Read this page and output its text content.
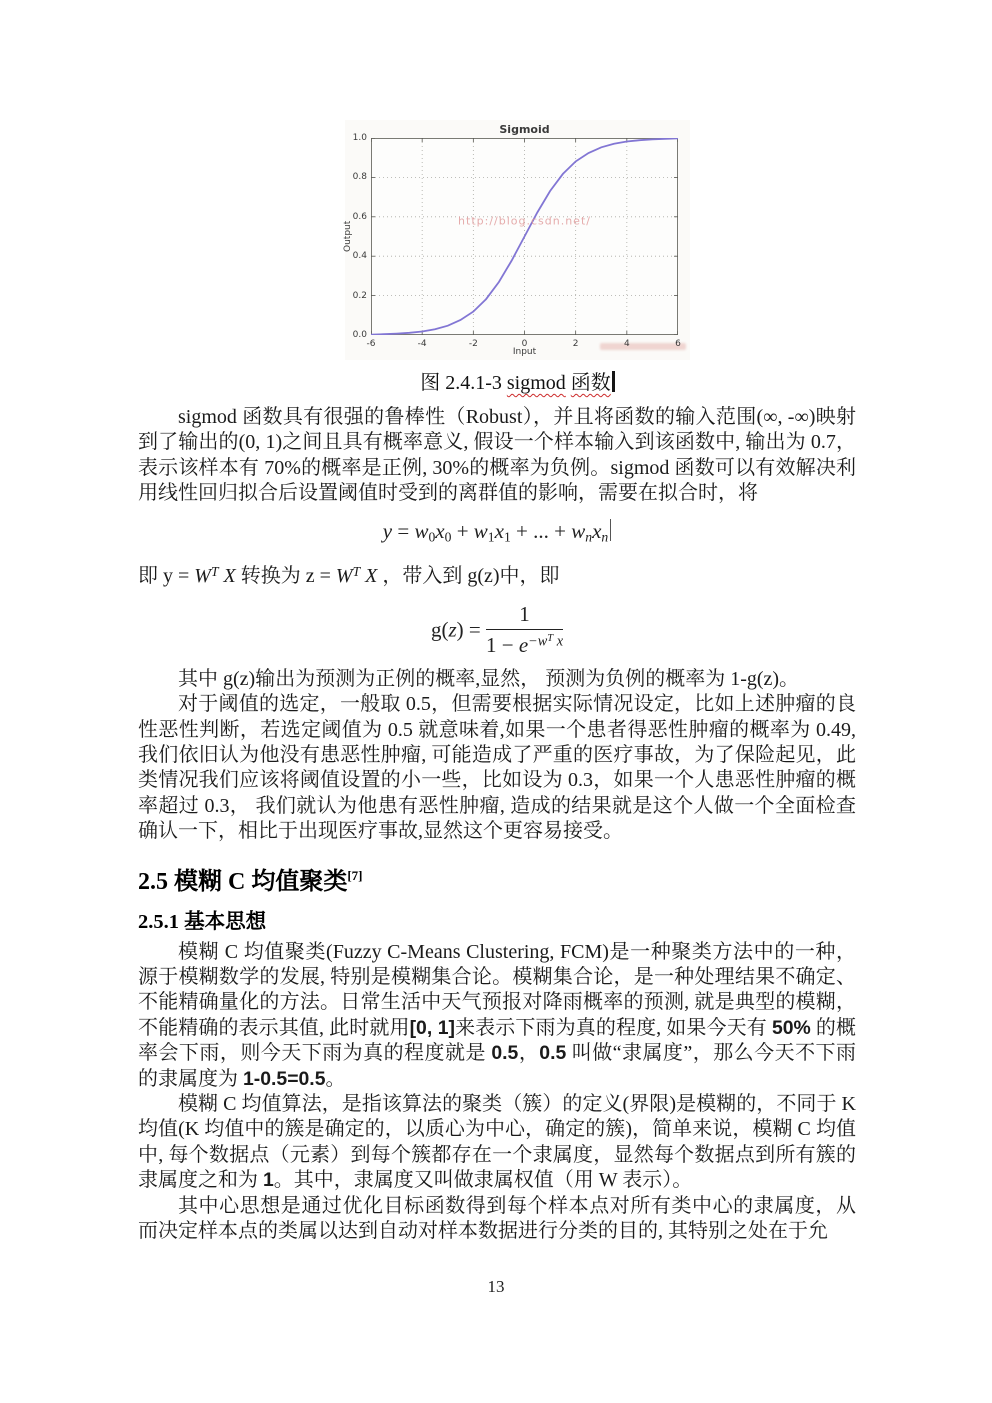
Sigmoid
Output
http://blog.csdn.net/
Input
-6	-4	-2	0	2	4	6
0.0
0.2
0.4
0.6
0.8
1.0
图 2.4.1-3 sigmod 函数

sigmod 函数具有很强的鲁棒性（Robust），并且将函数的输入范围(∞, -∞)映射到了输出的(0, 1)之间且具有概率意义, 假设一个样本输入到该函数中, 输出为 0.7，表示该样本有 70%的概率是正例, 30%的概率为负例。sigmod 函数可以有效解决利用线性回归拟合后设置阈值时受到的离群值的影响，需要在拟合时，将

y = w0x0 + w1x1 + ... + wnxn

即 $y = W^T$ X 转换为 $z = W^T$ X ，带入到 g(z)中，即

$g(z) = \frac{1}{1 - e^{-wT} ^x}$

其中 g(z)输出为预测为正例的概率,显然， 预测为负例的概率为 1-g(z)。

对于阈值的选定，一般取 0.5，但需要根据实际情况设定，比如上述肿瘤的良性恶性判断，若选定阈值为 0.5 就意味着,如果一个患者得恶性肿瘤的概率为 0.49,我们依旧认为他没有患恶性肿瘤, 可能造成了严重的医疗事故，为了保险起见，此类情况我们应该将阈值设置的小一些，比如设为 0.3，如果一个人患恶性肿瘤的概率超过 0.3， 我们就认为他患有恶性肿瘤, 造成的结果就是这个人做一个全面检查确认一下，相比于出现医疗事故,显然这个更容易接受。

2.5 模糊 C 均值聚类[7]
2.5.1 基本思想

模糊 C 均值聚类(Fuzzy C-Means Clustering, FCM)是一种聚类方法中的一种，源于模糊数学的发展, 特别是模糊集合论。模糊集合论，是一种处理结果不确定、不能精确量化的方法。日常生活中天气预报对降雨概率的预测, 就是典型的模糊，不能精确的表示其值, 此时就用[0, 1]来表示下雨为真的程度, 如果今天有 50% 的概率会下雨，则今天下雨为真的程度就是 0.5，0.5 叫做“隶属度”，那么今天不下雨的隶属度为 1-0.5=0.5。

模糊 C 均值算法，是指该算法的聚类（簇）的定义(界限)是模糊的，不同于 K 均值(K 均值中的簇是确定的，以质心为中心，确定的簇)，简单来说，模糊 C 均值中, 每个数据点（元素）到每个簇都存在一个隶属度，显然每个数据点到所有簇的隶属度之和为 1。其中，隶属度又叫做隶属权值（用 W 表示）。

其中心思想是通过优化目标函数得到每个样本点对所有类中心的隶属度，从而决定样本点的类属以达到自动对样本数据进行分类的目的, 其特别之处在于允

13
